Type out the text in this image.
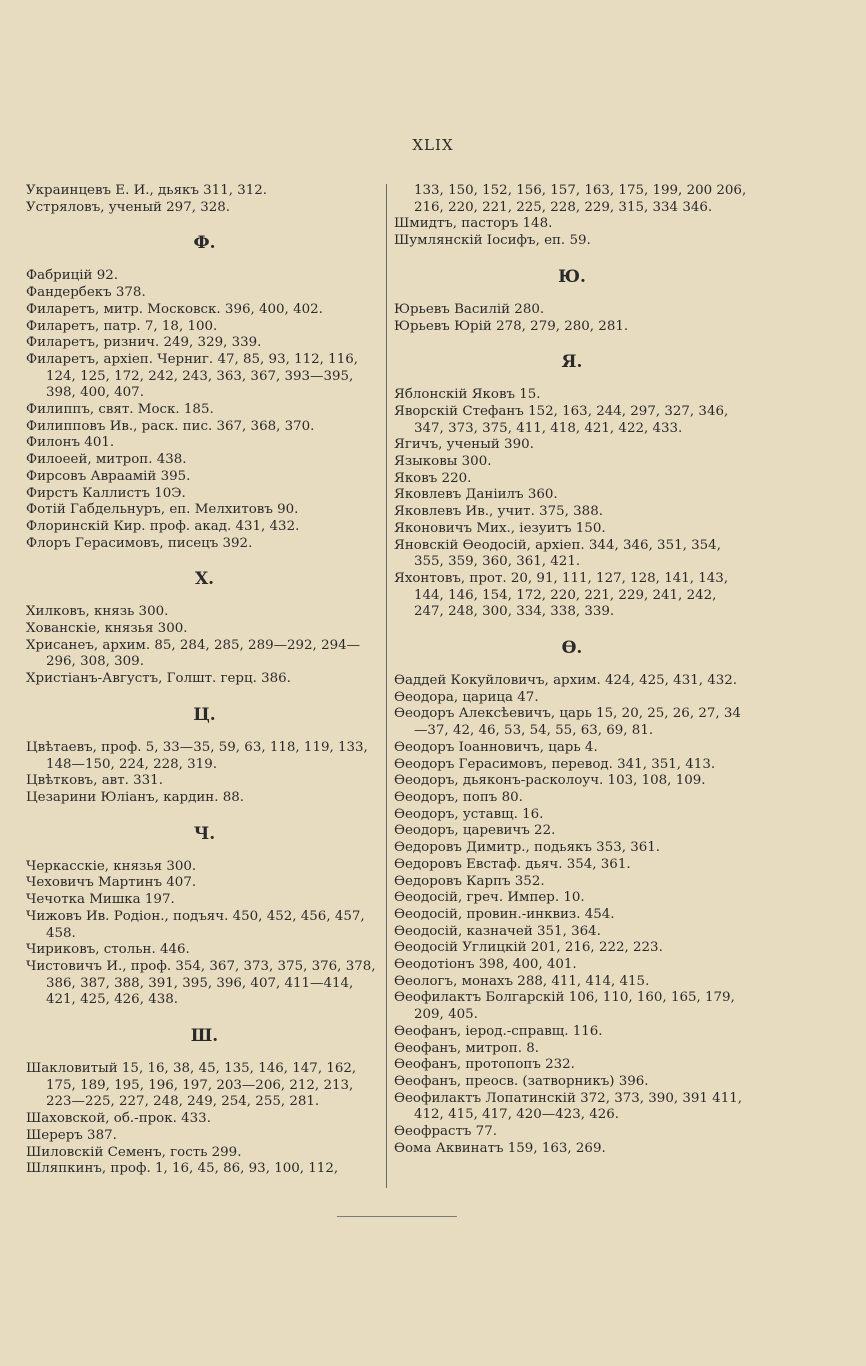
XLIX

Украинцевъ Е. И., дьякъ 311, 312.

Устряловъ, ученый 297, 328.

Ф.

Фабрицій 92.

Фандербекъ 378.

Филаретъ, митр. Московск. 396, 400, 402.

Филаретъ, патр. 7, 18, 100.

Филаретъ, ризнич. 249, 329, 339.

Филаретъ, архіеп. Черниг. 47, 85, 93, 112, 116, 124, 125, 172, 242, 243, 363, 367, 393—395, 398, 400, 407.

Филиппъ, свят. Моск. 185.

Филипповъ Ив., раск. пис. 367, 368, 370.

Филонъ 401.

Филоеей, митроп. 438.

Фирсовъ Авраамій 395.

Фирстъ Каллистъ 10Э.

Фотій Габдельнуръ, еп. Мелхитовъ 90.

Флоринскій Кир. проф. акад. 431, 432.

Флоръ Герасимовъ, писецъ 392.

Х.

Хилковъ, князь 300.

Хованскіе, князья 300.

Хрисанеъ, архим. 85, 284, 285, 289—292, 294—296, 308, 309.

Христіанъ-Августъ, Голшт. герц. 386.

Ц.

Цвѣтаевъ, проф. 5, 33—35, 59, 63, 118, 119, 133, 148—150, 224, 228, 319.

Цвѣтковъ, авт. 331.

Цезарини Юліанъ, кардин. 88.

Ч.

Черкасскіе, князья 300.

Чеховичъ Мартинъ 407.

Чечотка Мишка 197.

Чижовъ Ив. Родіон., подъяч. 450, 452, 456, 457, 458.

Чириковъ, стольн. 446.

Чистовичъ И., проф. 354, 367, 373, 375, 376, 378, 386, 387, 388, 391, 395, 396, 407, 411—414, 421, 425, 426, 438.

Ш.

Шакловитый 15, 16, 38, 45, 135, 146, 147, 162, 175, 189, 195, 196, 197, 203—206, 212, 213, 223—225, 227, 248, 249, 254, 255, 281.

Шаховской, об.-прок. 433.

Шереръ 387.

Шиловскій Семенъ, гость 299.

Шляпкинъ, проф. 1, 16, 45, 86, 93, 100, 112,

133, 150, 152, 156, 157, 163, 175, 199, 200 206, 216, 220, 221, 225, 228, 229, 315, 334 346.

Шмидтъ, пасторъ 148.

Шумлянскій Іосифъ, еп. 59.

Ю.

Юрьевъ Василій 280.

Юрьевъ Юрій 278, 279, 280, 281.

Я.

Яблонскій Яковъ 15.

Яворскій Стефанъ 152, 163, 244, 297, 327, 346, 347, 373, 375, 411, 418, 421, 422, 433.

Ягичъ, ученый 390.

Языковы 300.

Яковъ 220.

Яковлевъ Даніилъ 360.

Яковлевъ Ив., учит. 375, 388.

Яконовичъ Мих., іезуитъ 150.

Яновскій Өеодосій, архіеп. 344, 346, 351, 354, 355, 359, 360, 361, 421.

Яхонтовъ, прот. 20, 91, 111, 127, 128, 141, 143, 144, 146, 154, 172, 220, 221, 229, 241, 242, 247, 248, 300, 334, 338, 339.

Ѳ.

Ѳаддей Кокуйловичъ, архим. 424, 425, 431, 432.

Ѳеодора, царица 47.

Ѳеодоръ Алексѣевичъ, царь 15, 20, 25, 26, 27, 34—37, 42, 46, 53, 54, 55, 63, 69, 81.

Ѳеодоръ Іоанновичъ, царь 4.

Ѳеодоръ Герасимовъ, перевод. 341, 351, 413.

Ѳеодоръ, дьяконъ-расколоуч. 103, 108, 109.

Ѳеодоръ, попъ 80.

Ѳеодоръ, уставщ. 16.

Ѳеодоръ, царевичъ 22.

Ѳедоровъ Димитр., подьякъ 353, 361.

Ѳедоровъ Евстаф. дьяч. 354, 361.

Ѳедоровъ Карпъ 352.

Ѳеодосій, греч. Импер. 10.

Ѳеодосій, провин.-инквиз. 454.

Ѳеодосій, казначей 351, 364.

Ѳеодосій Углицкій 201, 216, 222, 223.

Ѳеодотіонъ 398, 400, 401.

Ѳеологъ, монахъ 288, 411, 414, 415.

Ѳеофилактъ Болгарскій 106, 110, 160, 165, 179, 209, 405.

Ѳеофанъ, іерод.-справщ. 116.

Ѳеофанъ, митроп. 8.

Ѳеофанъ, протопопъ 232.

Ѳеофанъ, преосв. (затворникъ) 396.

Ѳеофилактъ Лопатинскій 372, 373, 390, 391 411, 412, 415, 417, 420—423, 426.

Ѳеофрастъ 77.

Ѳома Аквинатъ 159, 163, 269.
